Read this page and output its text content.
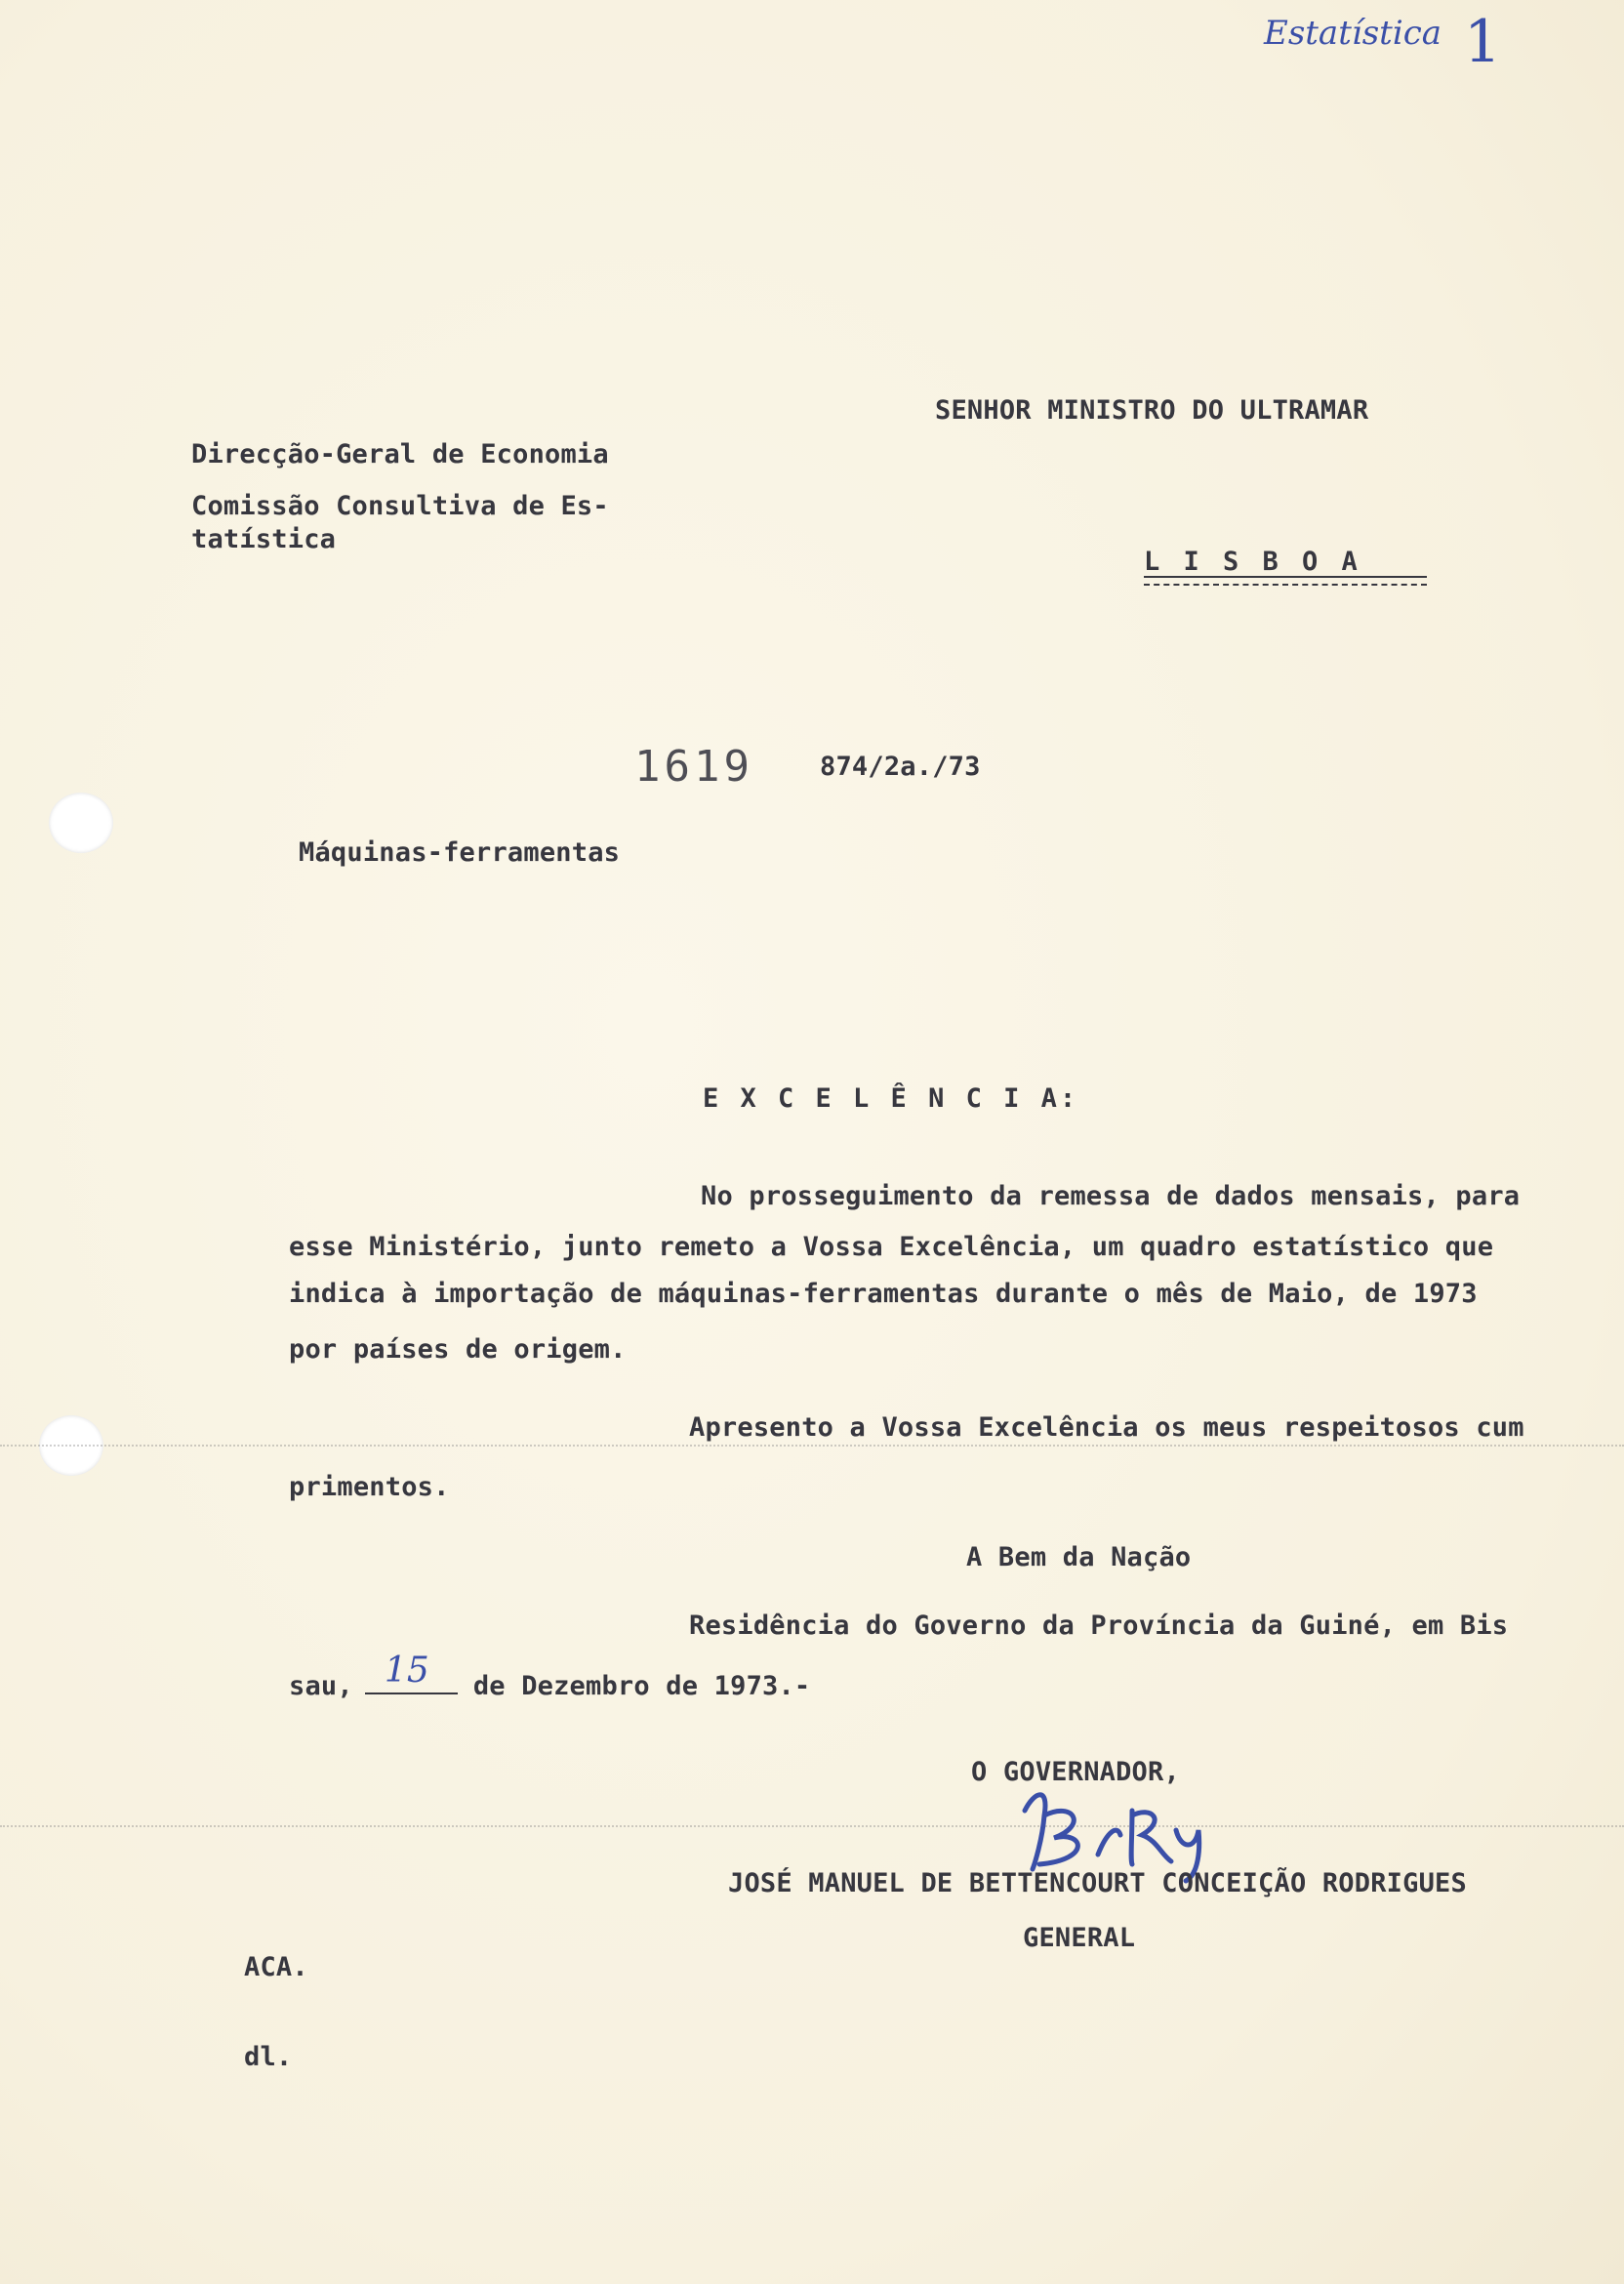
Estatística 1
SENHOR MINISTRO DO ULTRAMAR
L I S B O A
Direcção-Geral de Economia
Comissão Consultiva de Es-
tatística
1619	874/2a./73
Máquinas-ferramentas
E X C E L Ê N C I A:
No prosseguimento da remessa de dados mensais, para
esse Ministério, junto remeto a Vossa Excelência, um quadro estatístico que
indica à importação de máquinas-ferramentas durante o mês de Maio, de 1973
por países de origem.
Apresento a Vossa Excelência os meus respeitosos cum
primentos.
A Bem da Nação
Residência do Governo da Província da Guiné, em Bis
sau, 15 de Dezembro de 1973.-
O GOVERNADOR,
JOSÉ MANUEL DE BETTENCOURT CONCEIÇÃO RODRIGUES
GENERAL
ACA.
dl.
